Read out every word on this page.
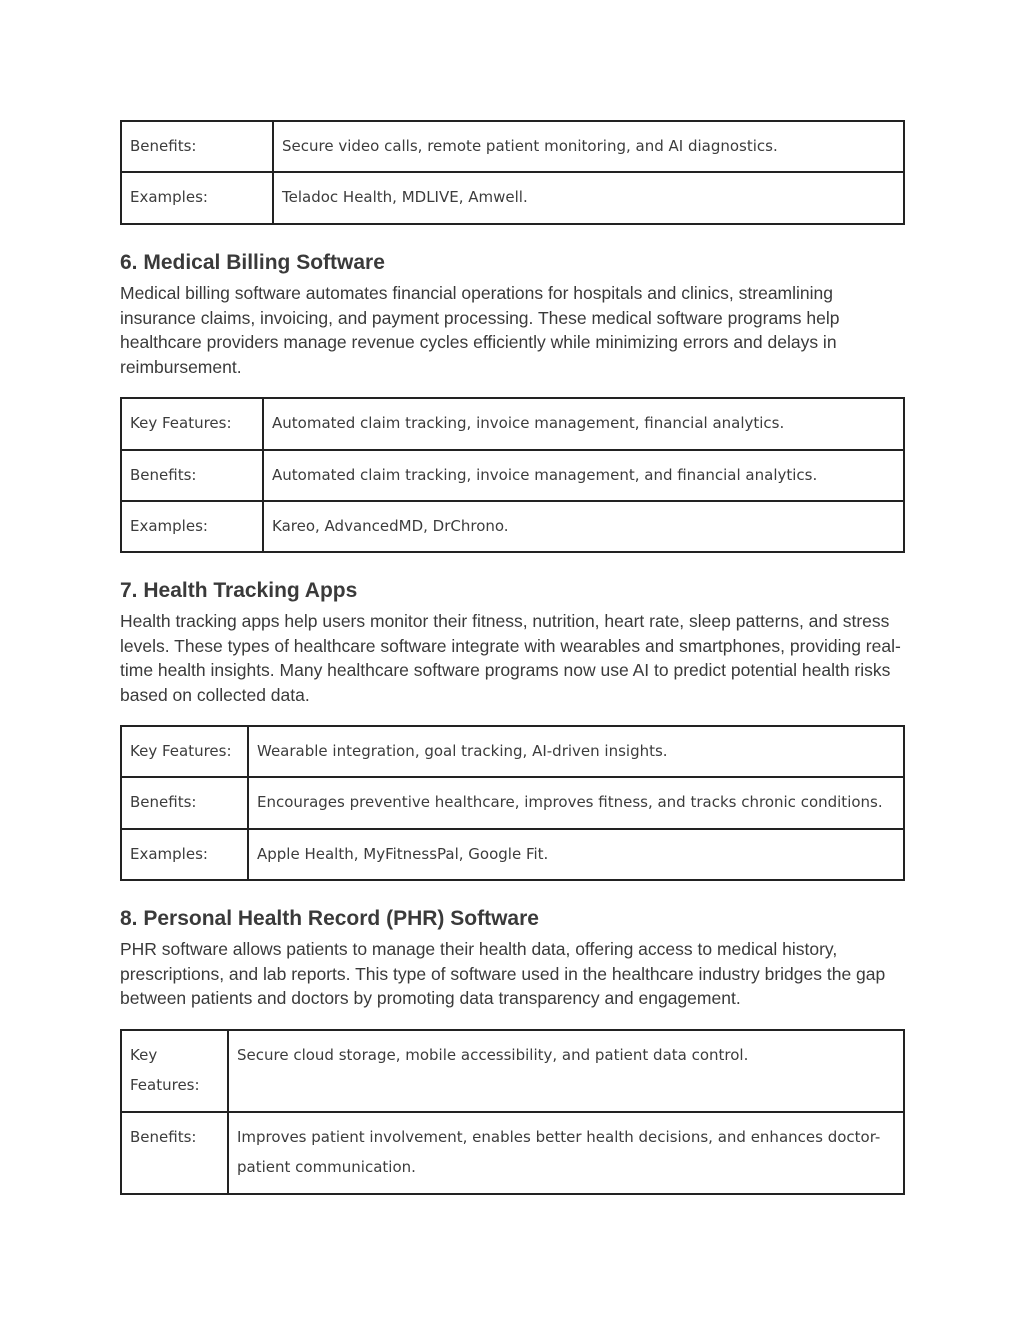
Benefits:	Secure video calls, remote patient monitoring, and AI diagnostics.
Examples:	Teladoc Health, MDLIVE, Amwell.
6. Medical Billing Software

Medical billing software automates financial operations for hospitals and clinics, streamlining insurance claims, invoicing, and payment processing. These medical software programs help healthcare providers manage revenue cycles efficiently while minimizing errors and delays in reimbursement.

Key Features:	Automated claim tracking, invoice management, financial analytics.
Benefits:	Automated claim tracking, invoice management, and financial analytics.
Examples:	Kareo, AdvancedMD, DrChrono.
7. Health Tracking Apps

Health tracking apps help users monitor their fitness, nutrition, heart rate, sleep patterns, and stress levels. These types of healthcare software integrate with wearables and smartphones, providing real-time health insights. Many healthcare software programs now use AI to predict potential health risks based on collected data.

Key Features:	Wearable integration, goal tracking, AI-driven insights.
Benefits:	Encourages preventive healthcare, improves fitness, and tracks chronic conditions.
Examples:	Apple Health, MyFitnessPal, Google Fit.
8. Personal Health Record (PHR) Software

PHR software allows patients to manage their health data, offering access to medical history, prescriptions, and lab reports. This type of software used in the healthcare industry bridges the gap between patients and doctors by promoting data transparency and engagement.

Key Features:	Secure cloud storage, mobile accessibility, and patient data control.
Benefits:	Improves patient involvement, enables better health decisions, and enhances doctor-patient communication.
